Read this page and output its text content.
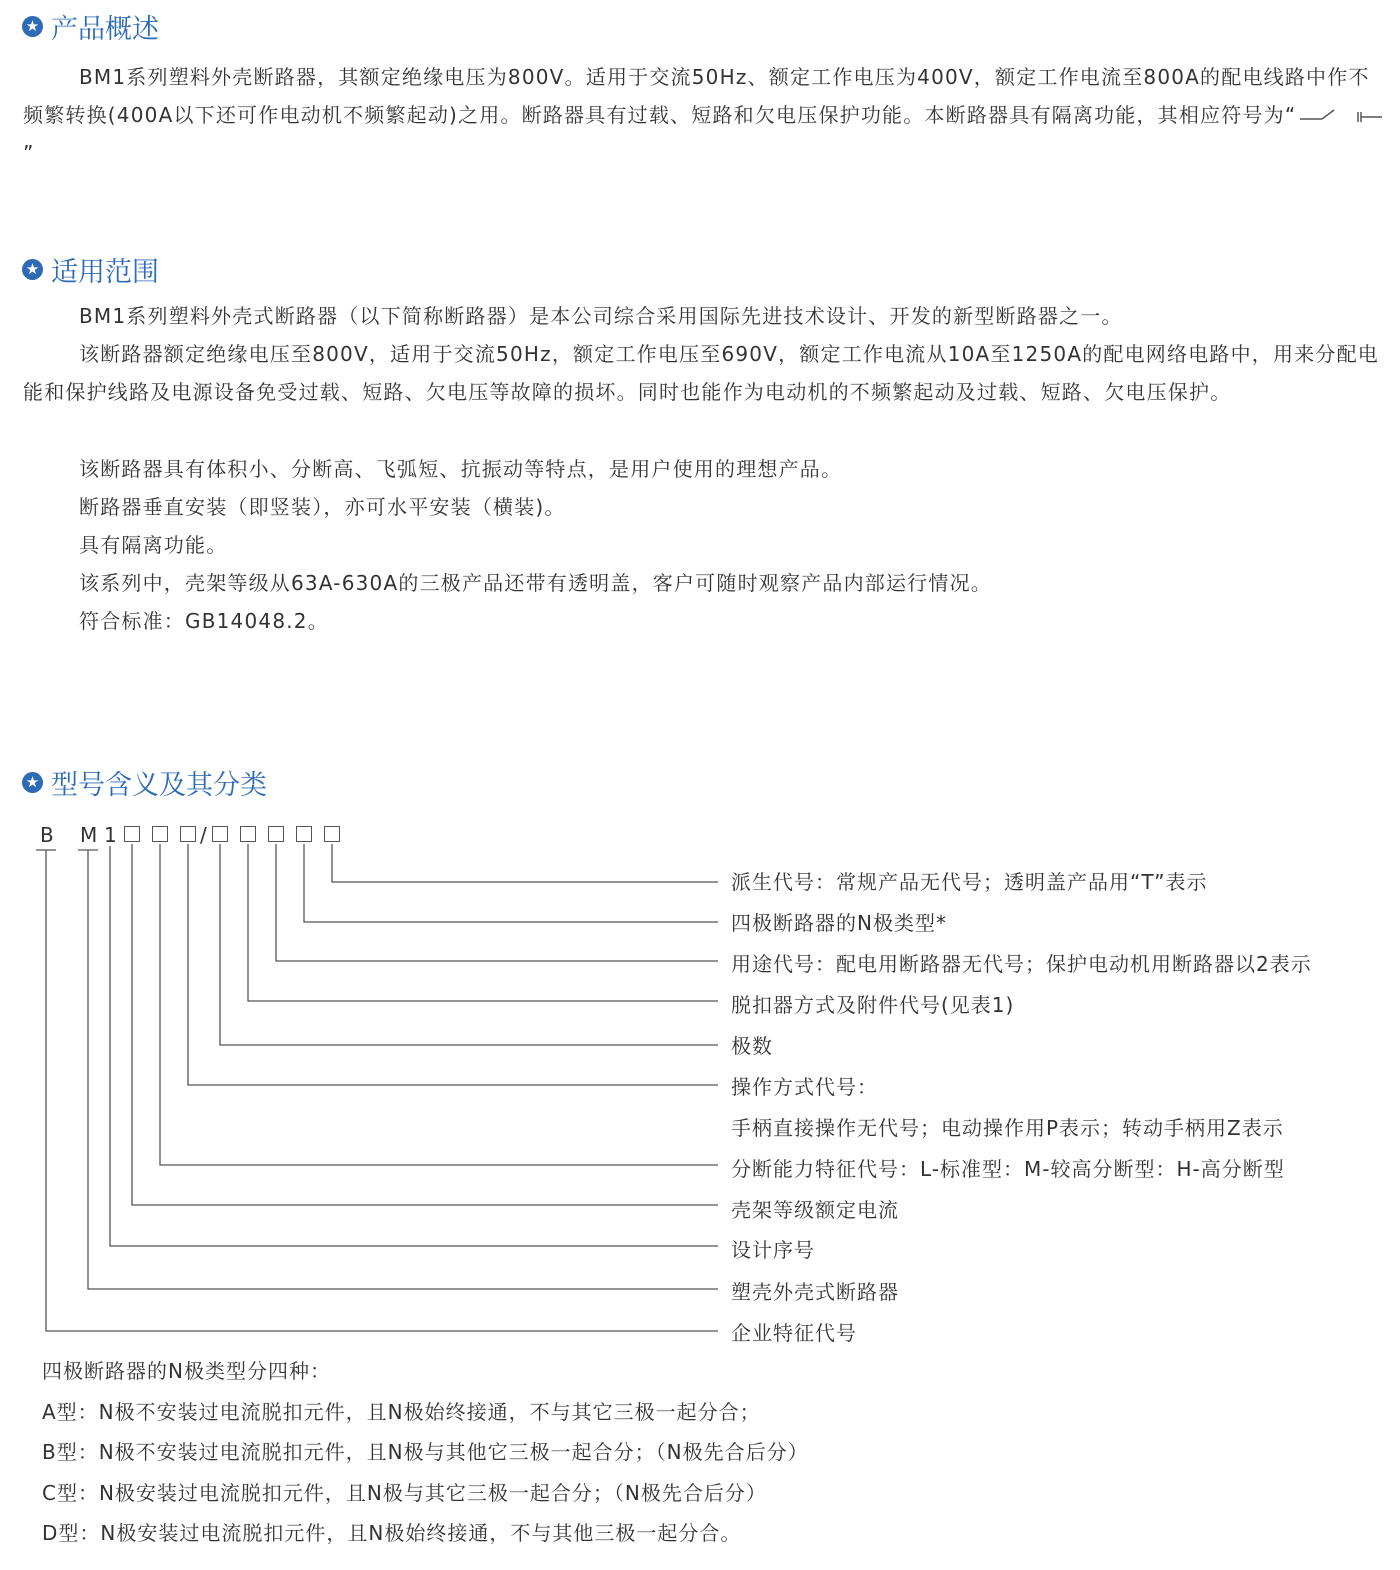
★ 产品概述
BM1系列塑料外壳断路器，其额定绝缘电压为800V。适用于交流50Hz、额定工作电压为400V，额定工作电流至800A的配电线路中作不频繁转换(400A以下还可作电动机不频繁起动)之用。断路器具有过载、短路和欠电压保护功能。本断路器具有隔离功能，其相应符号为“”
★ 适用范围
BM1系列塑料外壳式断路器（以下简称断路器）是本公司综合采用国际先进技术设计、开发的新型断路器之一。
该断路器额定绝缘电压至800V，适用于交流50Hz，额定工作电压至690V，额定工作电流从10A至1250A的配电网络电路中，用来分配电能和保护线路及电源设备免受过载、短路、欠电压等故障的损坏。同时也能作为电动机的不频繁起动及过载、短路、欠电压保护。
该断路器具有体积小、分断高、飞弧短、抗振动等特点，是用户使用的理想产品。
断路器垂直安装（即竖装），亦可水平安装（横装)。
具有隔离功能。
该系列中，壳架等级从63A-630A的三极产品还带有透明盖，客户可随时观察产品内部运行情况。
符合标准：GB14048.2。
★ 型号含义及其分类
B M 1	/
派生代号：常规产品无代号；透明盖产品用“T”表示
四极断路器的N极类型*
用途代号：配电用断路器无代号；保护电动机用断路器以2表示
脱扣器方式及附件代号(见表1)
极数
操作方式代号：
手柄直接操作无代号；电动操作用P表示；转动手柄用Z表示
分断能力特征代号：L-标准型：M-较高分断型：H-高分断型
壳架等级额定电流
设计序号
塑壳外壳式断路器
企业特征代号
四极断路器的N极类型分四种：
A型：N极不安装过电流脱扣元件，且N极始终接通，不与其它三极一起分合；
B型：N极不安装过电流脱扣元件，且N极与其他它三极一起合分；（N极先合后分）
C型：N极安装过电流脱扣元件，且N极与其它三极一起合分；（N极先合后分）
D型：N极安装过电流脱扣元件，且N极始终接通，不与其他三极一起分合。
